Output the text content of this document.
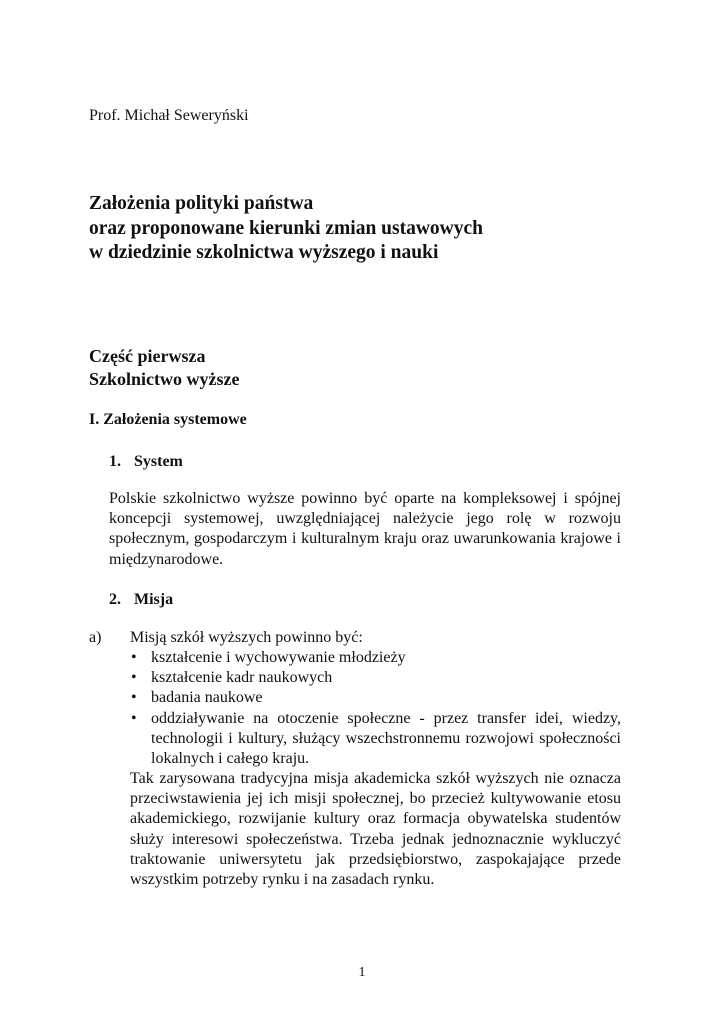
Prof. Michał Seweryński
Założenia polityki państwa
oraz proponowane kierunki zmian ustawowych
w dziedzinie szkolnictwa wyższego i nauki
Część pierwsza
Szkolnictwo wyższe
I. Założenia systemowe
1. System
Polskie szkolnictwo wyższe powinno być oparte na kompleksowej i spójnej koncepcji systemowej, uwzględniającej należycie jego rolę w rozwoju społecznym, gospodarczym i kulturalnym kraju oraz uwarunkowania krajowe i międzynarodowe.
2. Misja
a) Misją szkół wyższych powinno być:
• kształcenie i wychowywanie młodzieży
• kształcenie kadr naukowych
• badania naukowe
• oddziaływanie na otoczenie społeczne - przez transfer idei, wiedzy, technologii i kultury, służący wszechstronnemu rozwojowi społeczności lokalnych i całego kraju.
Tak zarysowana tradycyjna misja akademicka szkół wyższych nie oznacza przeciwstawienia jej ich misji społecznej, bo przecież kultywowanie etosu akademickiego, rozwijanie kultury oraz formacja obywatelska studentów służy interesowi społeczeństwa. Trzeba jednak jednoznacznie wykluczyć traktowanie uniwersytetu jak przedsiębiorstwo, zaspokajające przede wszystkim potrzeby rynku i na zasadach rynku.
1
